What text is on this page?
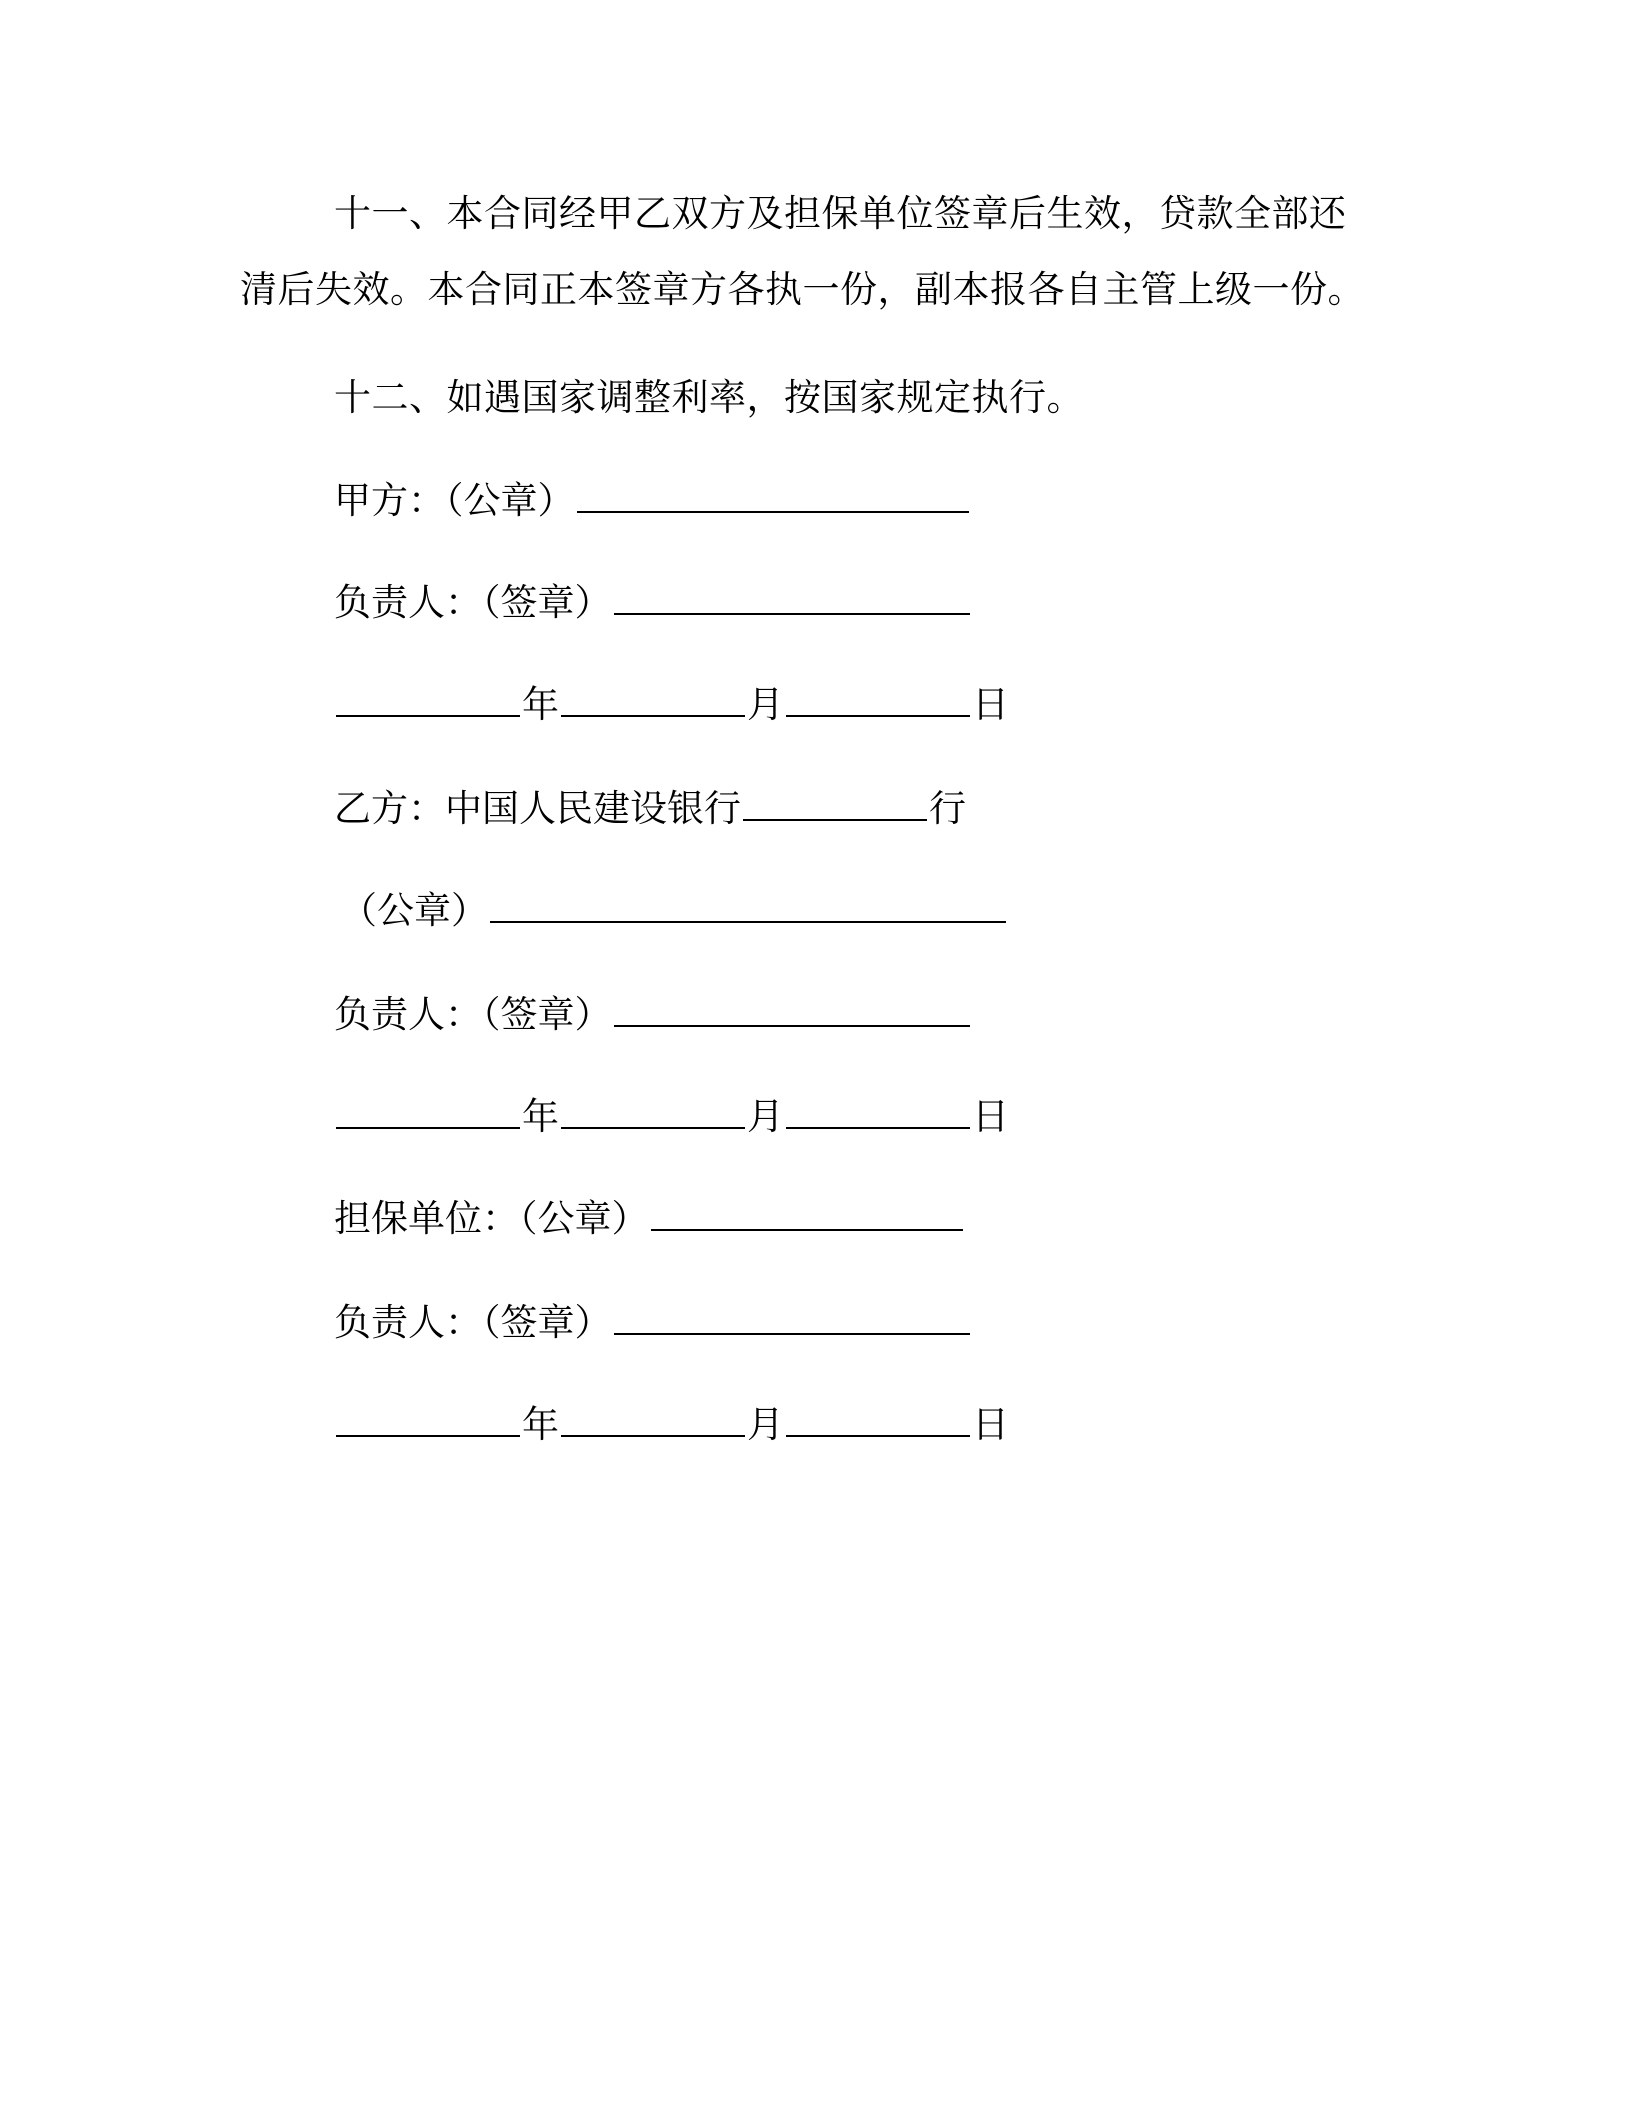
十一、本合同经甲乙双方及担保单位签章后生效，贷款全部还清后失效。本合同正本签章方各执一份，副本报各自主管上级一份。

十二、如遇国家调整利率，按国家规定执行。

甲方：（公章）
负责人：（签章）
年	月	日
乙方：中国人民建设银行	行
（公章）
负责人：（签章）
年	月	日
担保单位：（公章）
负责人：（签章）
年	月	日
